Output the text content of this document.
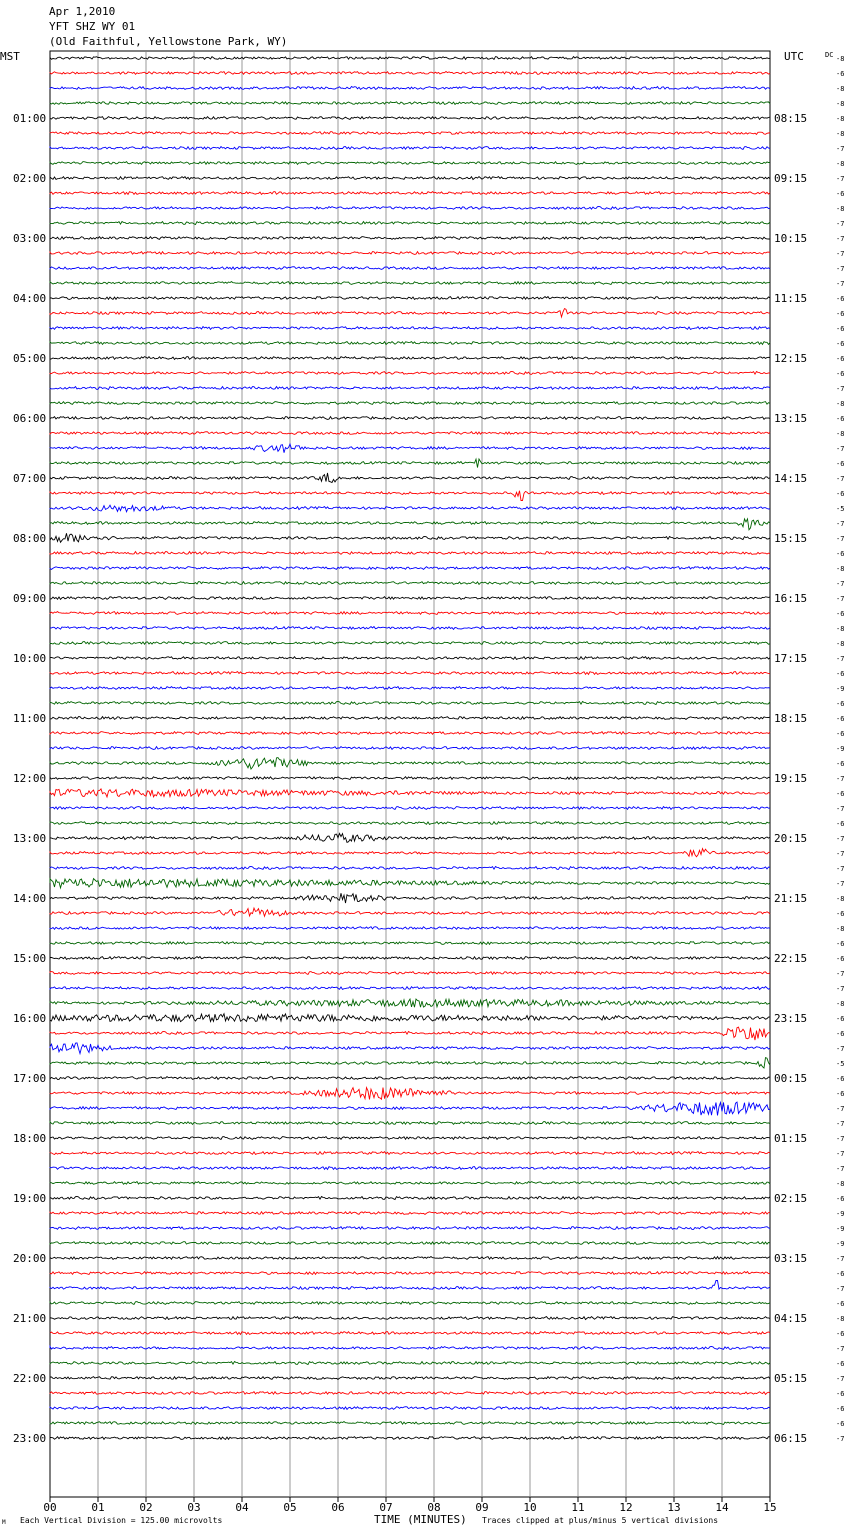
Apr 1,2010
YFT SHZ WY 01
(Old Faithful, Yellowstone Park, WY)
MST	UTC	DC
01:00
02:00
03:00
04:00
05:00
06:00
07:00
08:00
09:00
10:00
11:00
12:00
13:00
14:00
15:00
16:00
17:00
18:00
19:00
20:00
21:00
22:00
23:00
08:15
09:15
10:15
11:15
12:15
13:15
14:15
15:15
16:15
17:15
18:15
19:15
20:15
21:15
22:15
23:15
00:15
01:15
02:15
03:15
04:15
05:15
06:15
-8
-6
-8
-8
-8
-8
-7
-8
-7
-6
-8
-7
-7
-7
-7
-7
-6
-6
-6
-6
-6
-6
-7
-8
-6
-8
-7
-6
-7
-6
-5
-7
-7
-6
-8
-7
-7
-6
-8
-8
-7
-6
-9
-6
-6
-6
-9
-6
-7
-6
-7
-6
-7
-7
-7
-7
-8
-6
-8
-6
-6
-7
-7
-8
-6
-6
-7
-5
-6
-6
-7
-7
-7
-7
-7
-8
-6
-9
-9
-9
-7
-6
-7
-6
-8
-6
-7
-6
-7
-6
-6
-6
-7
00	01	02	03	04	05	06	07	08	09	10	11	12	13	14	15
M Each Vertical Division = 125.00 microvolts	TIME (MINUTES) Traces clipped at plus/minus 5 vertical divisions
